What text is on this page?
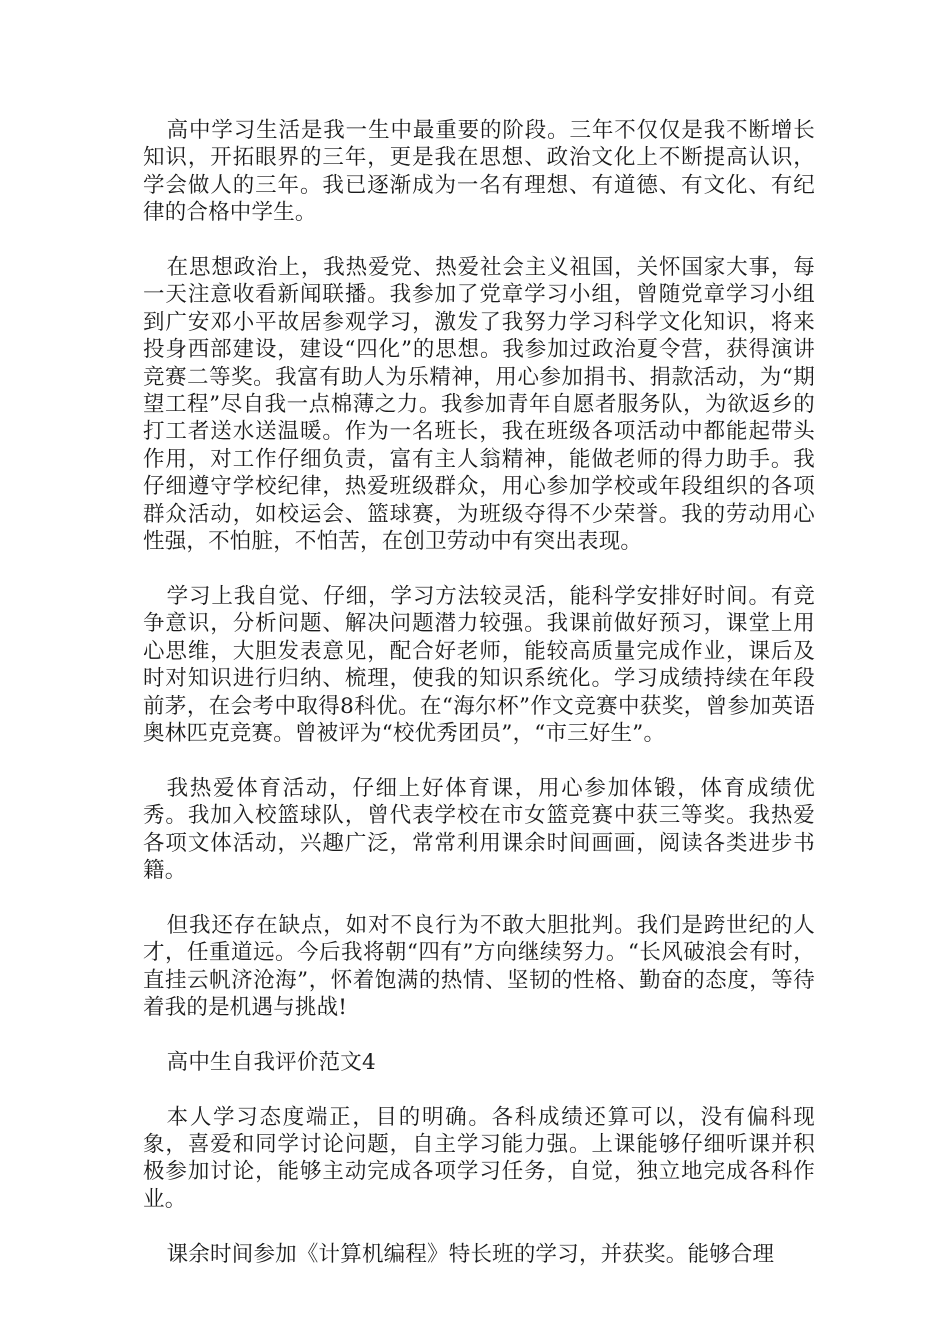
高中学习生活是我一生中最重要的阶段。三年不仅仅是我不断增长知识，开拓眼界的三年，更是我在思想、政治文化上不断提高认识，学会做人的三年。我已逐渐成为一名有理想、有道德、有文化、有纪律的合格中学生。

在思想政治上，我热爱党、热爱社会主义祖国，关怀国家大事，每一天注意收看新闻联播。我参加了党章学习小组，曾随党章学习小组到广安邓小平故居参观学习，激发了我努力学习科学文化知识，将来投身西部建设，建设“四化”的思想。我参加过政治夏令营，获得演讲竞赛二等奖。我富有助人为乐精神，用心参加捐书、捐款活动，为“期望工程”尽自我一点棉薄之力。我参加青年自愿者服务队，为欲返乡的打工者送水送温暖。作为一名班长，我在班级各项活动中都能起带头作用，对工作仔细负责，富有主人翁精神，能做老师的得力助手。我仔细遵守学校纪律，热爱班级群众，用心参加学校或年段组织的各项群众活动，如校运会、篮球赛，为班级夺得不少荣誉。我的劳动用心性强，不怕脏，不怕苦，在创卫劳动中有突出表现。

学习上我自觉、仔细，学习方法较灵活，能科学安排好时间。有竞争意识，分析问题、解决问题潜力较强。我课前做好预习，课堂上用心思维，大胆发表意见，配合好老师，能较高质量完成作业，课后及时对知识进行归纳、梳理，使我的知识系统化。学习成绩持续在年段前茅，在会考中取得8科优。在“海尔杯”作文竞赛中获奖，曾参加英语奥林匹克竞赛。曾被评为“校优秀团员”，“市三好生”。

我热爱体育活动，仔细上好体育课，用心参加体锻，体育成绩优秀。我加入校篮球队，曾代表学校在市女篮竞赛中获三等奖。我热爱各项文体活动，兴趣广泛，常常利用课余时间画画，阅读各类进步书籍。

但我还存在缺点，如对不良行为不敢大胆批判。我们是跨世纪的人才，任重道远。今后我将朝“四有”方向继续努力。“长风破浪会有时，直挂云帆济沧海”，怀着饱满的热情、坚韧的性格、勤奋的态度，等待着我的是机遇与挑战!

高中生自我评价范文4

本人学习态度端正，目的明确。各科成绩还算可以，没有偏科现象，喜爱和同学讨论问题，自主学习能力强。上课能够仔细听课并积极参加讨论，能够主动完成各项学习任务，自觉，独立地完成各科作业。

课余时间参加《计算机编程》特长班的学习，并获奖。能够合理
